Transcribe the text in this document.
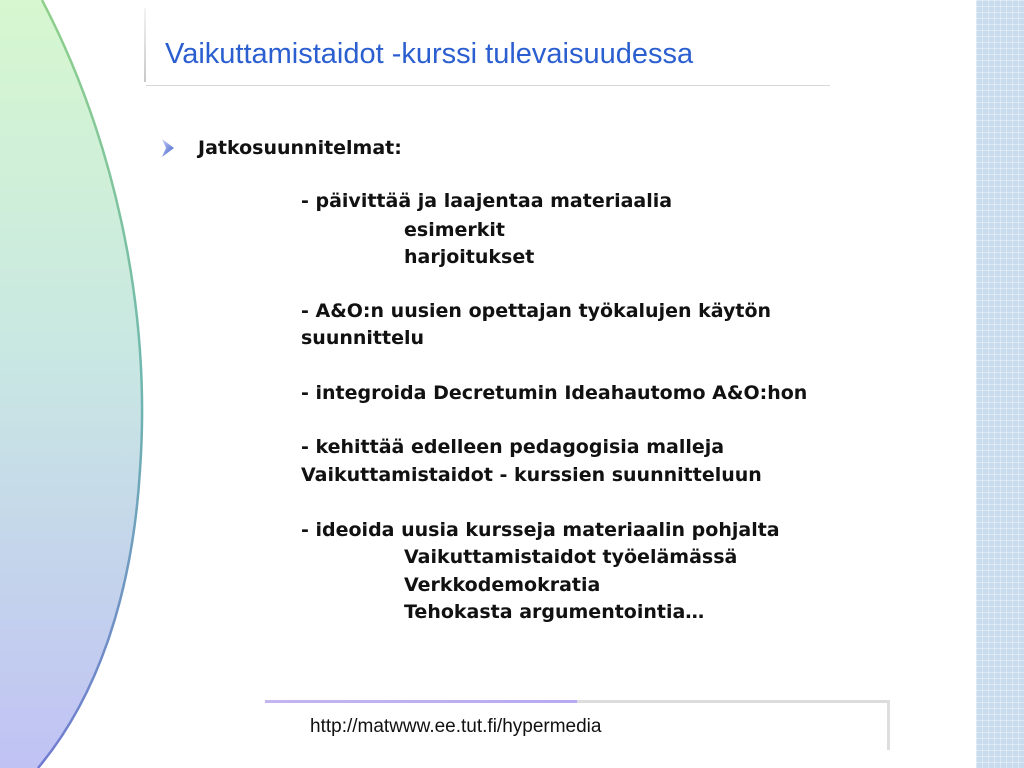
Vaikuttamistaidot -kurssi tulevaisuudessa
Jatkosuunnitelmat:
- päivittää ja laajentaa materiaalia
esimerkit
harjoitukset
- A&O:n uusien opettajan työkalujen käytön
suunnittelu
- integroida Decretumin Ideahautomo A&O:hon
- kehittää edelleen pedagogisia malleja
Vaikuttamistaidot - kurssien suunnitteluun
- ideoida uusia kursseja materiaalin pohjalta
Vaikuttamistaidot työelämässä
Verkkodemokratia
Tehokasta argumentointia…
http://matwww.ee.tut.fi/hypermedia
